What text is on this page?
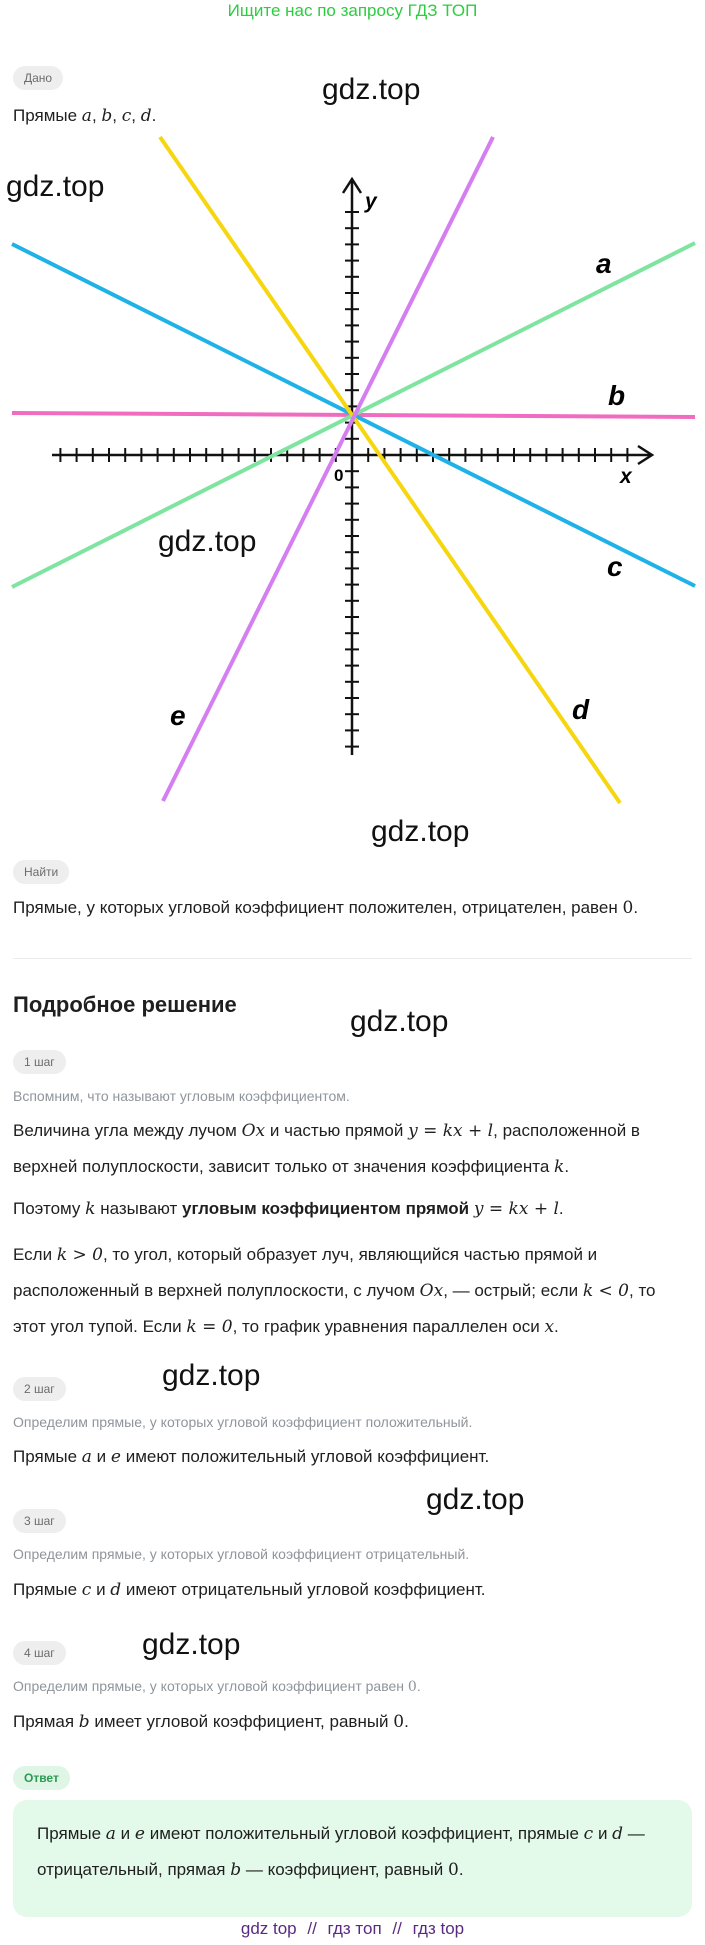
Ищите нас по запросу ГДЗ ТОП
Дано
Прямые a, b, c, d.
y
x
0
a
b
c
d
e
gdz.top
gdz.top
gdz.top
gdz.top
gdz.top
gdz.top
gdz.top
gdz.top
Найти
Прямые, у которых угловой коэффициент положителен, отрицателен, равен 0.
Подробное решение
1 шаг
Вспомним, что называют угловым коэффициентом.
Величина угла между лучом Ox и частью прямой y = kx + l, расположенной в верхней полуплоскости, зависит только от значения коэффициента k.
Поэтому k называют угловым коэффициентом прямой y = kx + l.
Если k > 0, то угол, который образует луч, являющийся частью прямой и расположенный в верхней полуплоскости, с лучом Ox, — острый; если k < 0, то этот угол тупой. Если k = 0, то график уравнения параллелен оси x.
2 шаг
Определим прямые, у которых угловой коэффициент положительный.
Прямые a и e имеют положительный угловой коэффициент.
3 шаг
Определим прямые, у которых угловой коэффициент отрицательный.
Прямые c и d имеют отрицательный угловой коэффициент.
4 шаг
Определим прямые, у которых угловой коэффициент равен 0.
Прямая b имеет угловой коэффициент, равный 0.
Ответ
Прямые a и e имеют положительный угловой коэффициент, прямые c и d — отрицательный, прямая b — коэффициент, равный 0.
gdz top // гдз топ // гдз top
